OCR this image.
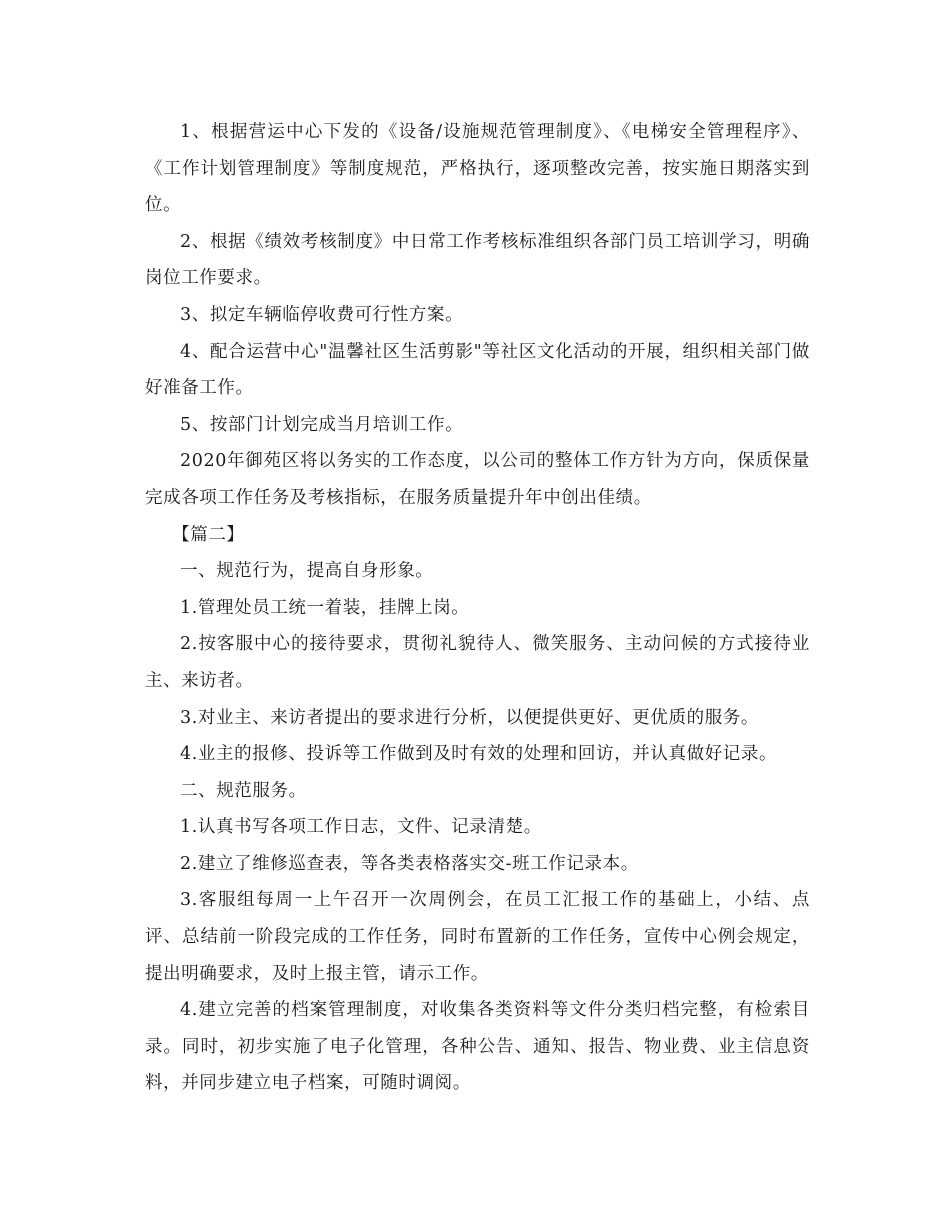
1、根据营运中心下发的《设备/设施规范管理制度》、《电梯安全管理程序》、《工作计划管理制度》等制度规范，严格执行，逐项整改完善，按实施日期落实到位。

2、根据《绩效考核制度》中日常工作考核标准组织各部门员工培训学习，明确岗位工作要求。

3、拟定车辆临停收费可行性方案。

4、配合运营中心"温馨社区生活剪影"等社区文化活动的开展，组织相关部门做好准备工作。

5、按部门计划完成当月培训工作。

2020年御苑区将以务实的工作态度，以公司的整体工作方针为方向，保质保量完成各项工作任务及考核指标，在服务质量提升年中创出佳绩。

【篇二】

一、规范行为，提高自身形象。

1.管理处员工统一着装，挂牌上岗。

2.按客服中心的接待要求，贯彻礼貌待人、微笑服务、主动问候的方式接待业主、来访者。

3.对业主、来访者提出的要求进行分析，以便提供更好、更优质的服务。

4.业主的报修、投诉等工作做到及时有效的处理和回访，并认真做好记录。

二、规范服务。

1.认真书写各项工作日志，文件、记录清楚。

2.建立了维修巡查表，等各类表格落实交-班工作记录本。

3.客服组每周一上午召开一次周例会，在员工汇报工作的基础上，小结、点评、总结前一阶段完成的工作任务，同时布置新的工作任务，宣传中心例会规定，提出明确要求，及时上报主管，请示工作。

4.建立完善的档案管理制度，对收集各类资料等文件分类归档完整，有检索目录。同时，初步实施了电子化管理，各种公告、通知、报告、物业费、业主信息资料，并同步建立电子档案，可随时调阅。
